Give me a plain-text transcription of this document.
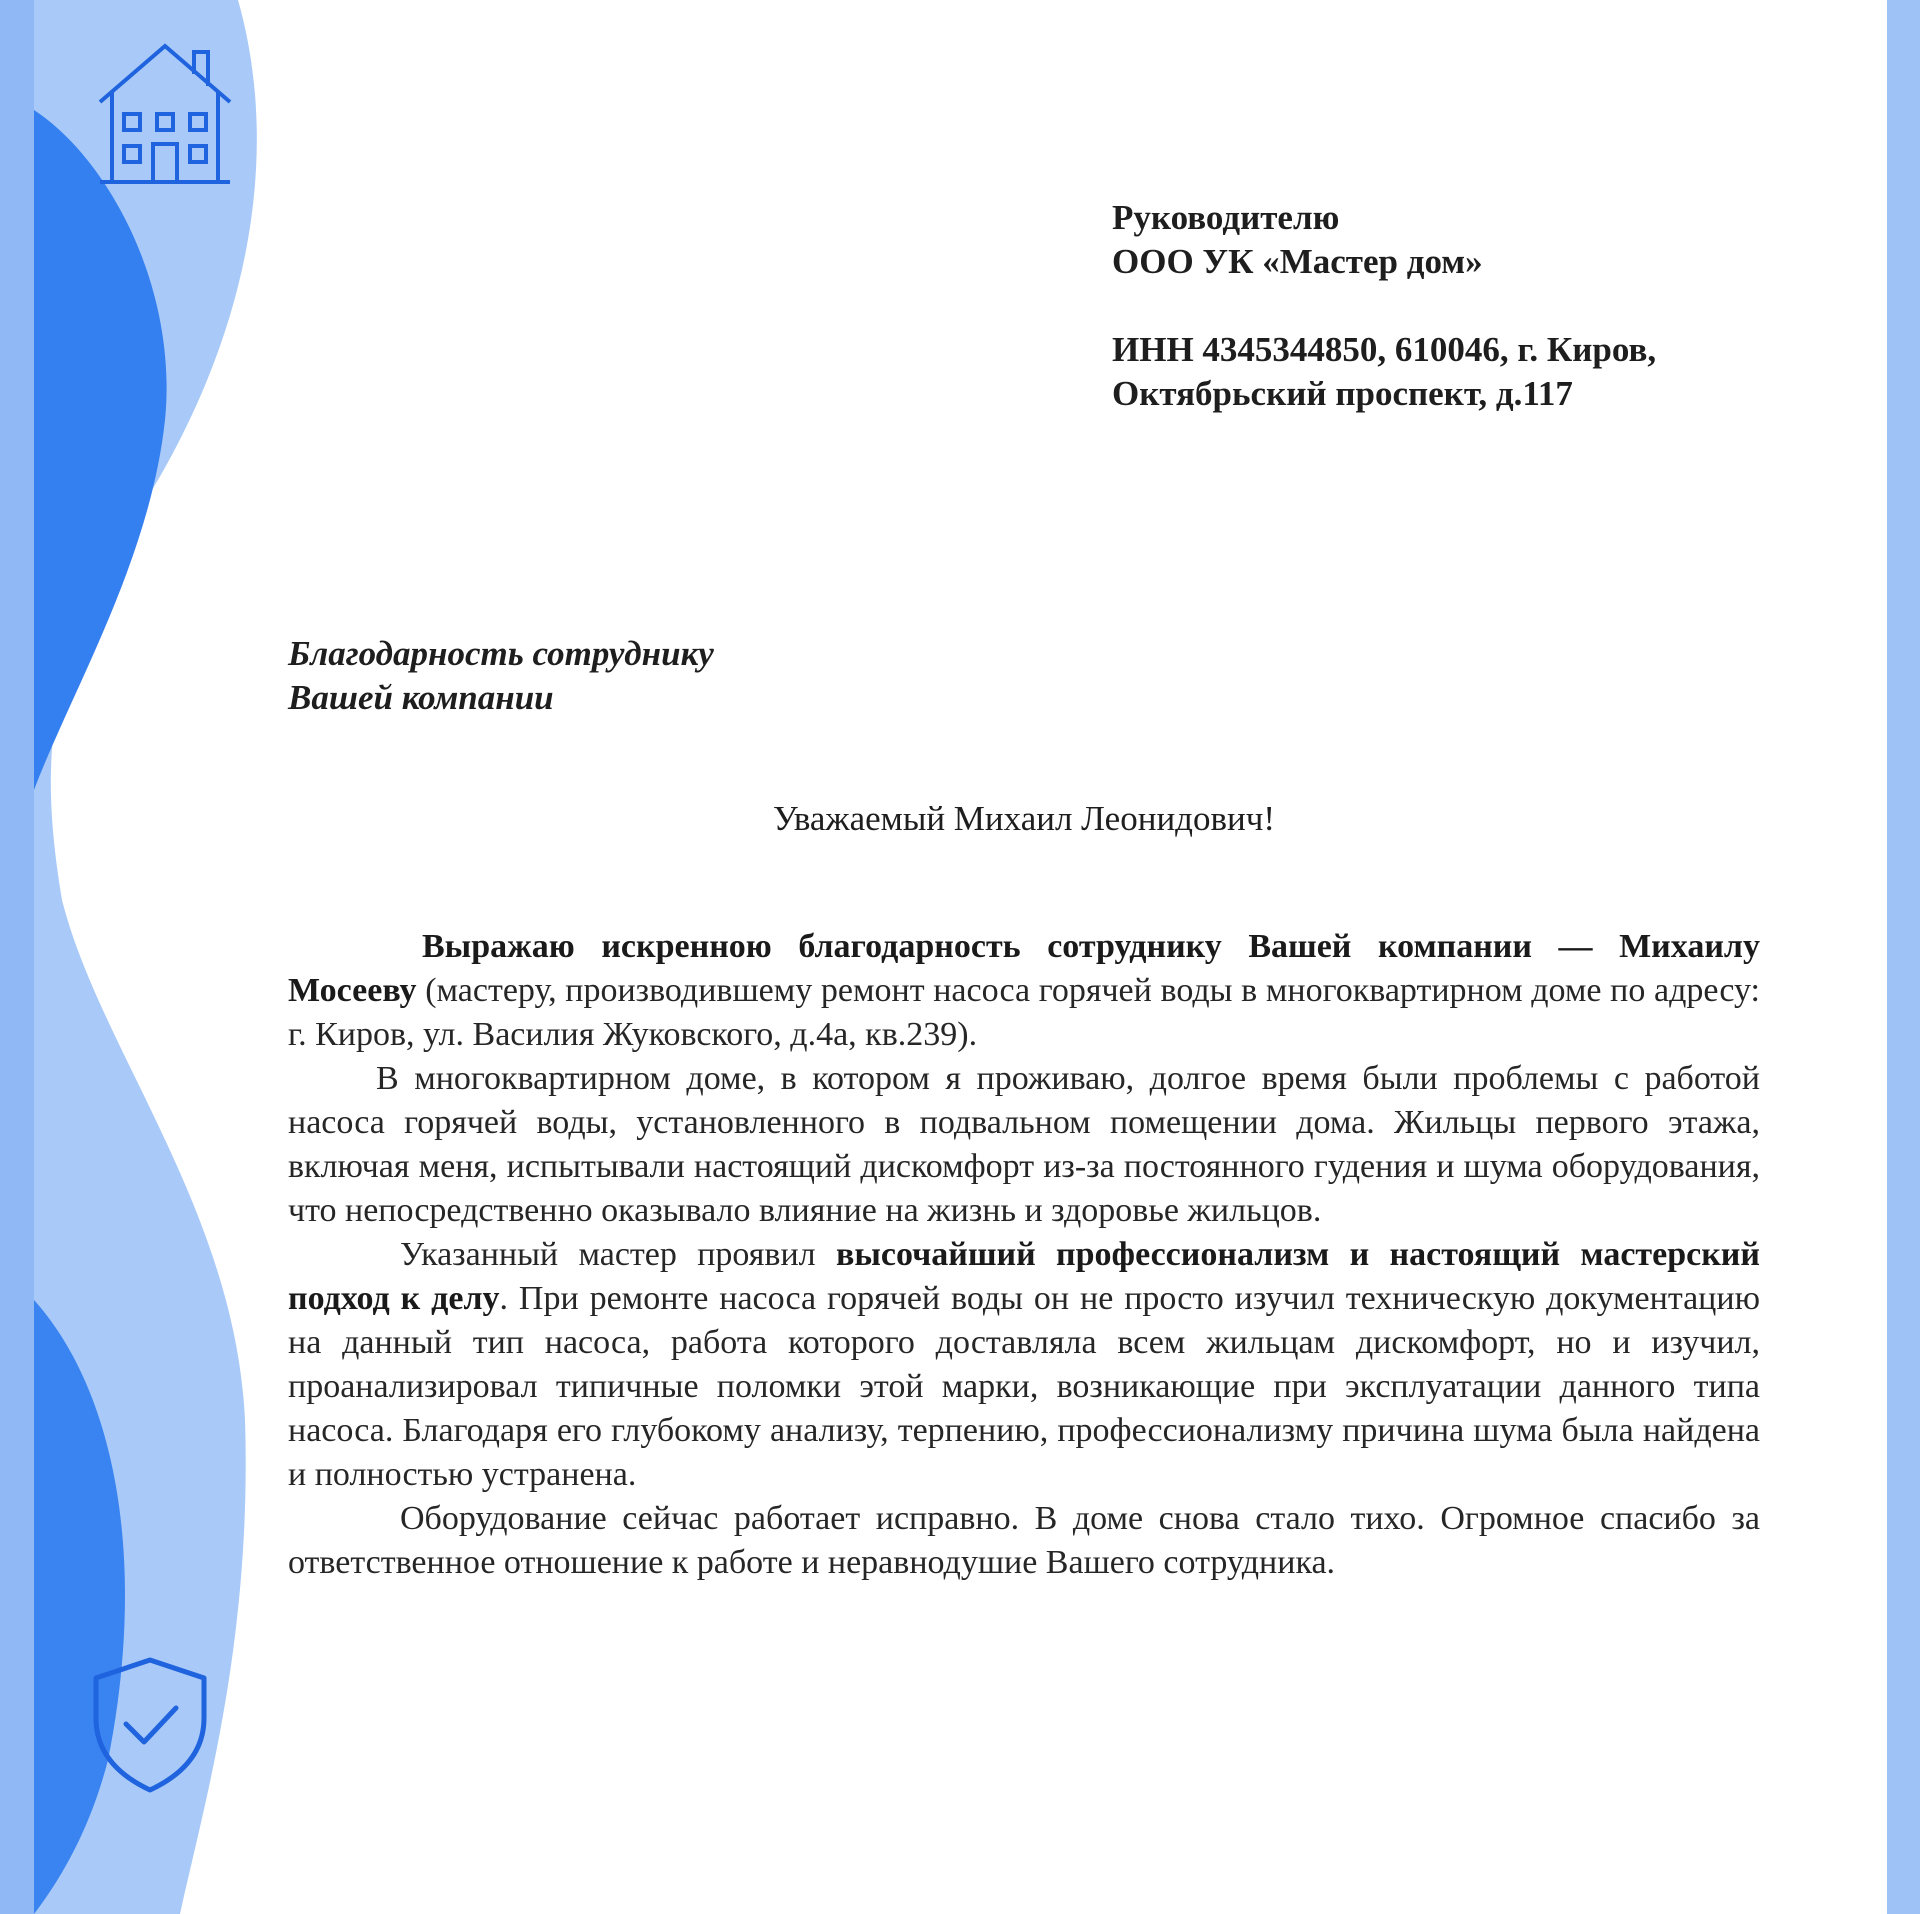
Руководителю
ООО УК «Мастер дом»
ИНН 4345344850, 610046, г. Киров,
Октябрьский проспект, д.117
Благодарность сотруднику
Вашей компании
Уважаемый Михаил Леонидович!

Выражаю искренною благодарность сотруднику Вашей компании — Михаилу Мосееву (мастеру, производившему ремонт насоса горячей воды в многоквартирном доме по адресу: г. Киров, ул. Василия Жуковского, д.4а, кв.239).

В многоквартирном доме, в котором я проживаю, долгое время были проблемы с работой насоса горячей воды, установленного в подвальном помещении дома. Жильцы первого этажа, включая меня, испытывали настоящий дискомфорт из-за постоянного гудения и шума оборудования, что непосредственно оказывало влияние на жизнь и здоровье жильцов.

Указанный мастер проявил высочайший профессионализм и настоящий мастерский подход к делу. При ремонте насоса горячей воды он не просто изучил техническую документацию на данный тип насоса, работа которого доставляла всем жильцам дискомфорт, но и изучил, проанализировал типичные поломки этой марки, возникающие при эксплуатации данного типа насоса. Благодаря его глубокому анализу, терпению, профессионализму причина шума была найдена и полностью устранена.

Оборудование сейчас работает исправно. В доме снова стало тихо. Огромное спасибо за ответственное отношение к работе и неравнодушие Вашего сотрудника.
